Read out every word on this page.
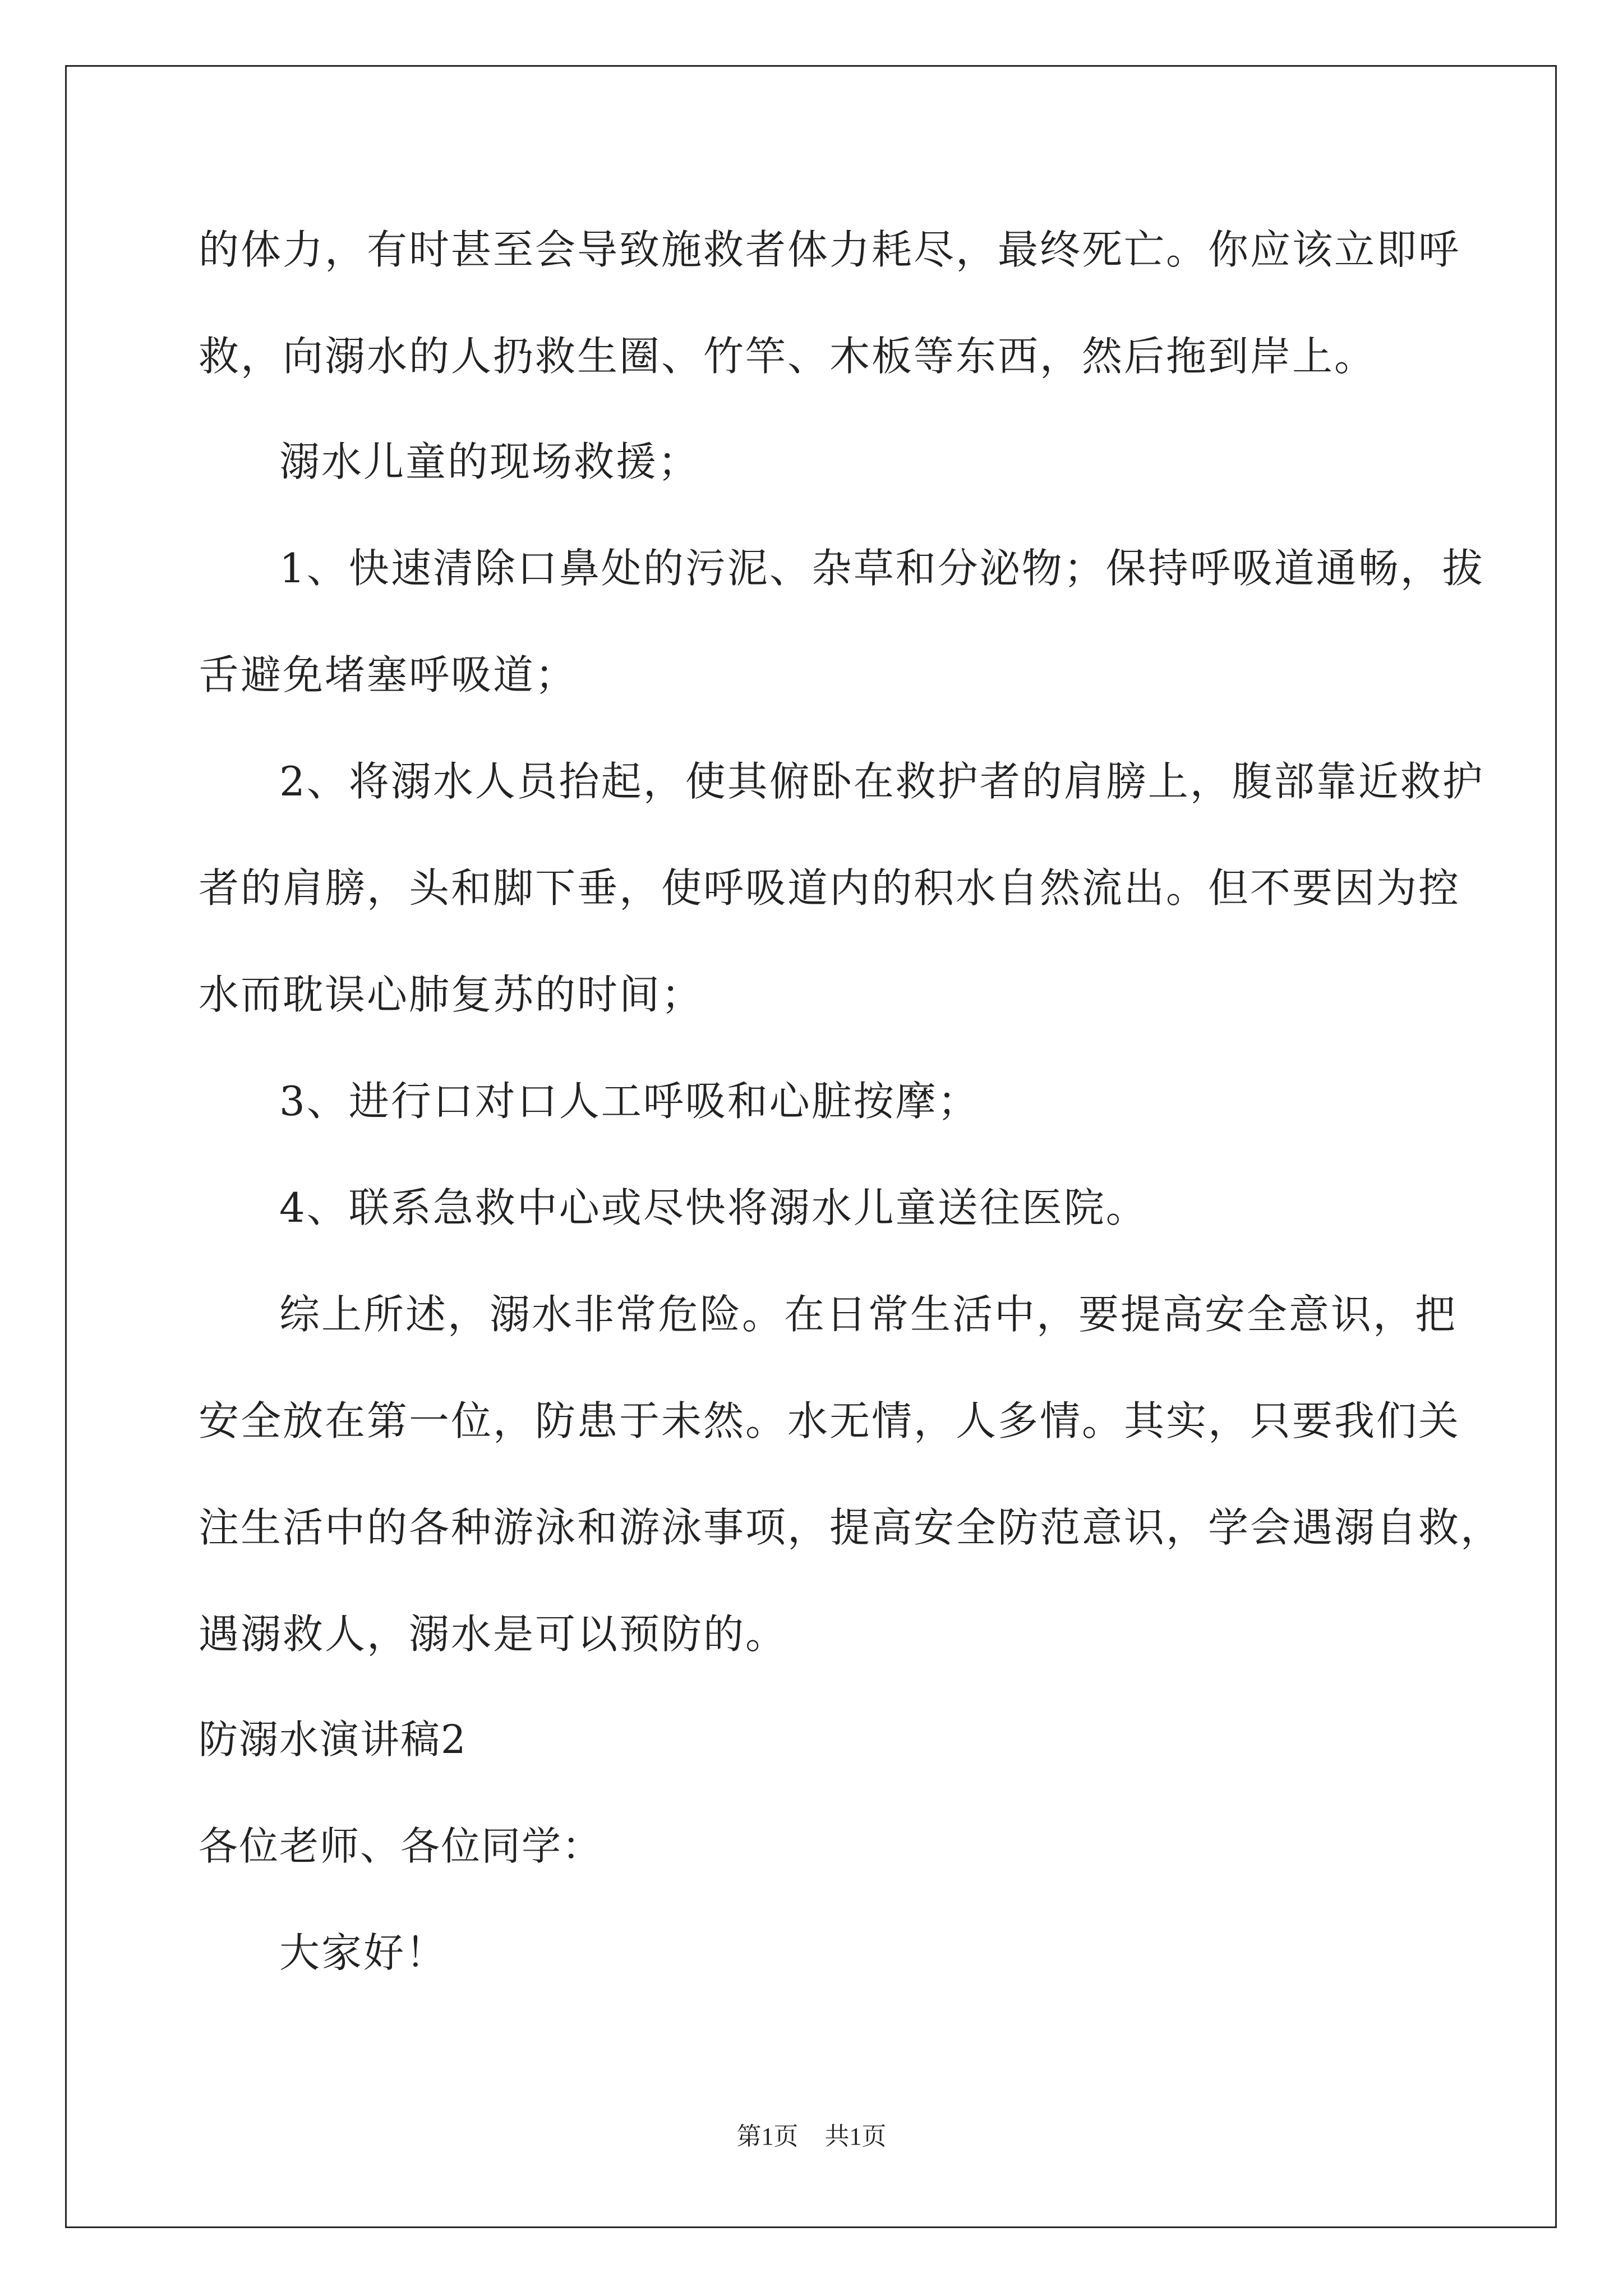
的体力，有时甚至会导致施救者体力耗尽，最终死亡。你应该立即呼
救，向溺水的人扔救生圈、竹竿、木板等东西，然后拖到岸上。
溺水儿童的现场救援；
1、快速清除口鼻处的污泥、杂草和分泌物；保持呼吸道通畅，拔
舌避免堵塞呼吸道；
2、将溺水人员抬起，使其俯卧在救护者的肩膀上，腹部靠近救护
者的肩膀，头和脚下垂，使呼吸道内的积水自然流出。但不要因为控
水而耽误心肺复苏的时间；
3、进行口对口人工呼吸和心脏按摩；
4、联系急救中心或尽快将溺水儿童送往医院。
综上所述，溺水非常危险。在日常生活中，要提高安全意识，把
安全放在第一位，防患于未然。水无情，人多情。其实，只要我们关
注生活中的各种游泳和游泳事项，提高安全防范意识，学会遇溺自救，
遇溺救人，溺水是可以预防的。
防溺水演讲稿2
各位老师、各位同学：
大家好！
第1页 共1页
